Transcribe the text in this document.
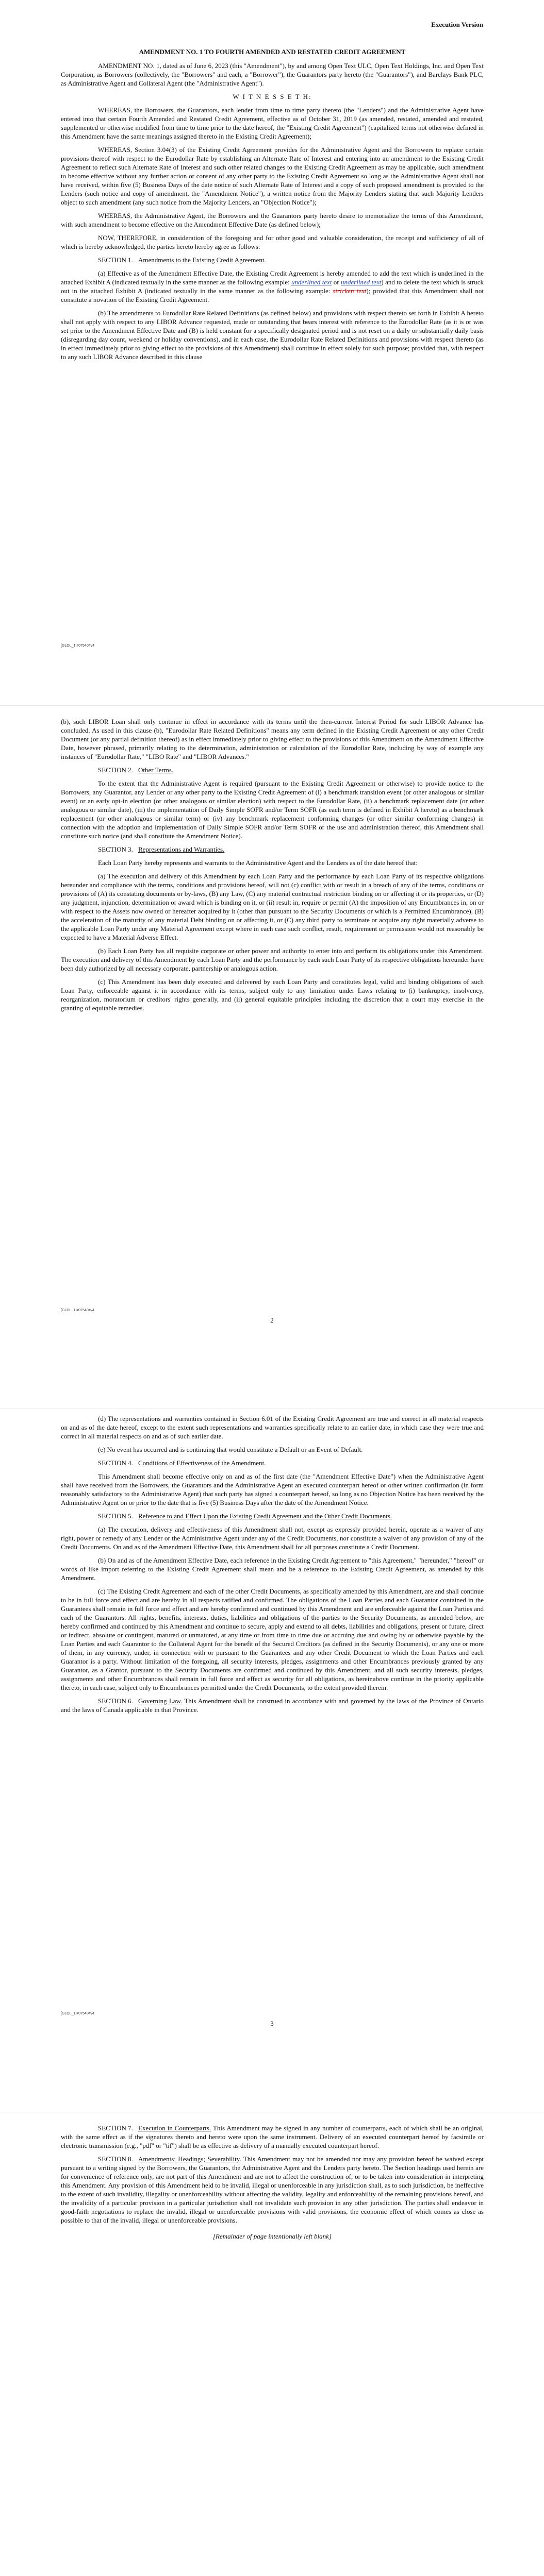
Execution Version

AMENDMENT NO. 1 TO FOURTH AMENDED AND RESTATED CREDIT AGREEMENT

AMENDMENT NO. 1, dated as of June 6, 2023 (this "Amendment"), by and among Open Text ULC, Open Text Holdings, Inc. and Open Text Corporation, as Borrowers (collectively, the "Borrowers" and each, a "Borrower"), the Guarantors party hereto (the "Guarantors"), and Barclays Bank PLC, as Administrative Agent and Collateral Agent (the "Administrative Agent").

W I T N E S S E T H:

WHEREAS, the Borrowers, the Guarantors, each lender from time to time party thereto (the "Lenders") and the Administrative Agent have entered into that certain Fourth Amended and Restated Credit Agreement, effective as of October 31, 2019 (as amended, restated, amended and restated, supplemented or otherwise modified from time to time prior to the date hereof, the "Existing Credit Agreement") (capitalized terms not otherwise defined in this Amendment have the same meanings assigned thereto in the Existing Credit Agreement);

WHEREAS, Section 3.04(3) of the Existing Credit Agreement provides for the Administrative Agent and the Borrowers to replace certain provisions thereof with respect to the Eurodollar Rate by establishing an Alternate Rate of Interest and entering into an amendment to the Existing Credit Agreement to reflect such Alternate Rate of Interest and such other related changes to the Existing Credit Agreement as may be applicable, such amendment to become effective without any further action or consent of any other party to the Existing Credit Agreement so long as the Administrative Agent shall not have received, within five (5) Business Days of the date notice of such Alternate Rate of Interest and a copy of such proposed amendment is provided to the Lenders (such notice and copy of amendment, the "Amendment Notice"), a written notice from the Majority Lenders stating that such Majority Lenders object to such amendment (any such notice from the Majority Lenders, an "Objection Notice");

WHEREAS, the Administrative Agent, the Borrowers and the Guarantors party hereto desire to memorialize the terms of this Amendment, with such amendment to become effective on the Amendment Effective Date (as defined below);

NOW, THEREFORE, in consideration of the foregoing and for other good and valuable consideration, the receipt and sufficiency of all of which is hereby acknowledged, the parties hereto hereby agree as follows:

SECTION 1. Amendments to the Existing Credit Agreement.

(a) Effective as of the Amendment Effective Date, the Existing Credit Agreement is hereby amended to add the text which is underlined in the attached Exhibit A (indicated textually in the same manner as the following example: underlined text or underlined text) and to delete the text which is struck out in the attached Exhibit A (indicated textually in the same manner as the following example: stricken text); provided that this Amendment shall not constitute a novation of the Existing Credit Agreement.

(b) The amendments to Eurodollar Rate Related Definitions (as defined below) and provisions with respect thereto set forth in Exhibit A hereto shall not apply with respect to any LIBOR Advance requested, made or outstanding that bears interest with reference to the Eurodollar Rate (as it is or was set prior to the Amendment Effective Date and (B) is held constant for a specifically designated period and is not reset on a daily or substantially daily basis (disregarding day count, weekend or holiday conventions), and in each case, the Eurodollar Rate Related Definitions and provisions with respect thereto (as in effect immediately prior to giving effect to the provisions of this Amendment) shall continue in effect solely for such purpose; provided that, with respect to any such LIBOR Advance described in this clause

[GLOL_1.#07540#v4

(b), such LIBOR Loan shall only continue in effect in accordance with its terms until the then-current Interest Period for such LIBOR Advance has concluded. As used in this clause (b), "Eurodollar Rate Related Definitions" means any term defined in the Existing Credit Agreement or any other Credit Document (or any partial definition thereof) as in effect immediately prior to giving effect to the provisions of this Amendment on the Amendment Effective Date, however phrased, primarily relating to the determination, administration or calculation of the Eurodollar Rate, including by way of example any instances of "Eurodollar Rate," "LIBO Rate" and "LIBOR Advances."

SECTION 2. Other Terms.

To the extent that the Administrative Agent is required (pursuant to the Existing Credit Agreement or otherwise) to provide notice to the Borrowers, any Guarantor, any Lender or any other party to the Existing Credit Agreement of (i) a benchmark transition event (or other analogous or similar event) or an early opt-in election (or other analogous or similar election) with respect to the Eurodollar Rate, (ii) a benchmark replacement date (or other analogous or similar date), (iii) the implementation of Daily Simple SOFR and/or Term SOFR (as each term is defined in Exhibit A hereto) as a benchmark replacement (or other analogous or similar term) or (iv) any benchmark replacement conforming changes (or other similar conforming changes) in connection with the adoption and implementation of Daily Simple SOFR and/or Term SOFR or the use and administration thereof, this Amendment shall constitute such notice (and shall constitute the Amendment Notice).

SECTION 3. Representations and Warranties.

Each Loan Party hereby represents and warrants to the Administrative Agent and the Lenders as of the date hereof that:

(a) The execution and delivery of this Amendment by each Loan Party and the performance by each Loan Party of its respective obligations hereunder and compliance with the terms, conditions and provisions hereof, will not (c) conflict with or result in a breach of any of the terms, conditions or provisions of (A) its constating documents or by-laws, (B) any Law, (C) any material contractual restriction binding on or affecting it or its properties, or (D) any judgment, injunction, determination or award which is binding on it, or (ii) result in, require or permit (A) the imposition of any Encumbrances in, on or with respect to the Assets now owned or hereafter acquired by it (other than pursuant to the Security Documents or which is a Permitted Encumbrance), (B) the acceleration of the maturity of any material Debt binding on or affecting it, or (C) any third party to terminate or acquire any right materially adverse to the applicable Loan Party under any Material Agreement except where in each case such conflict, result, requirement or permission would not reasonably be expected to have a Material Adverse Effect.

(b) Each Loan Party has all requisite corporate or other power and authority to enter into and perform its obligations under this Amendment. The execution and delivery of this Amendment by each Loan Party and the performance by each such Loan Party of its respective obligations hereunder have been duly authorized by all necessary corporate, partnership or analogous action.

(c) This Amendment has been duly executed and delivered by each Loan Party and constitutes legal, valid and binding obligations of such Loan Party, enforceable against it in accordance with its terms, subject only to any limitation under Laws relating to (i) bankruptcy, insolvency, reorganization, moratorium or creditors' rights generally, and (ii) general equitable principles including the discretion that a court may exercise in the granting of equitable remedies.

[GLOL_1.#07540#v4
2

(d) The representations and warranties contained in Section 6.01 of the Existing Credit Agreement are true and correct in all material respects on and as of the date hereof, except to the extent such representations and warranties specifically relate to an earlier date, in which case they were true and correct in all material respects on and as of such earlier date.

(e) No event has occurred and is continuing that would constitute a Default or an Event of Default.

SECTION 4. Conditions of Effectiveness of the Amendment.

This Amendment shall become effective only on and as of the first date (the "Amendment Effective Date") when the Administrative Agent shall have received from the Borrowers, the Guarantors and the Administrative Agent an executed counterpart hereof or other written confirmation (in form reasonably satisfactory to the Administrative Agent) that such party has signed a counterpart hereof, so long as no Objection Notice has been received by the Administrative Agent on or prior to the date that is five (5) Business Days after the date of the Amendment Notice.

SECTION 5. Reference to and Effect Upon the Existing Credit Agreement and the Other Credit Documents.

(a) The execution, delivery and effectiveness of this Amendment shall not, except as expressly provided herein, operate as a waiver of any right, power or remedy of any Lender or the Administrative Agent under any of the Credit Documents, nor constitute a waiver of any provision of any of the Credit Documents. On and as of the Amendment Effective Date, this Amendment shall for all purposes constitute a Credit Document.

(b) On and as of the Amendment Effective Date, each reference in the Existing Credit Agreement to "this Agreement," "hereunder," "hereof" or words of like import referring to the Existing Credit Agreement shall mean and be a reference to the Existing Credit Agreement, as amended by this Amendment.

(c) The Existing Credit Agreement and each of the other Credit Documents, as specifically amended by this Amendment, are and shall continue to be in full force and effect and are hereby in all respects ratified and confirmed. The obligations of the Loan Parties and each Guarantor contained in the Guarantees shall remain in full force and effect and are hereby confirmed and continued by this Amendment and are enforceable against the Loan Parties and each of the Guarantors. All rights, benefits, interests, duties, liabilities and obligations of the parties to the Security Documents, as amended below, are hereby confirmed and continued by this Amendment and continue to secure, apply and extend to all debts, liabilities and obligations, present or future, direct or indirect, absolute or contingent, matured or unmatured, at any time or from time to time due or accruing due and owing by or otherwise payable by the Loan Parties and each Guarantor to the Collateral Agent for the benefit of the Secured Creditors (as defined in the Security Documents), or any one or more of them, in any currency, under, in connection with or pursuant to the Guarantees and any other Credit Document to which the Loan Parties and each Guarantor is a party. Without limitation of the foregoing, all security interests, pledges, assignments and other Encumbrances previously granted by any Guarantor, as a Grantor, pursuant to the Security Documents are confirmed and continued by this Amendment, and all such security interests, pledges, assignments and other Encumbrances shall remain in full force and effect as security for all obligations, as hereinabove continue in the priority applicable thereto, in each case, subject only to Encumbrances permitted under the Credit Documents, to the extent provided therein.

SECTION 6. Governing Law. This Amendment shall be construed in accordance with and governed by the laws of the Province of Ontario and the laws of Canada applicable in that Province.

[GLOL_1.#07540#v4
3

SECTION 7. Execution in Counterparts. This Amendment may be signed in any number of counterparts, each of which shall be an original, with the same effect as if the signatures thereto and hereto were upon the same instrument. Delivery of an executed counterpart hereof by facsimile or electronic transmission (e.g., "pdf" or "tif") shall be as effective as delivery of a manually executed counterpart hereof.

SECTION 8. Amendments; Headings; Severability. This Amendment may not be amended nor may any provision hereof be waived except pursuant to a writing signed by the Borrowers, the Guarantors, the Administrative Agent and the Lenders party hereto. The Section headings used herein are for convenience of reference only, are not part of this Amendment and are not to affect the construction of, or to be taken into consideration in interpreting this Amendment. Any provision of this Amendment held to be invalid, illegal or unenforceable in any jurisdiction shall, as to such jurisdiction, be ineffective to the extent of such invalidity, illegality or unenforceability without affecting the validity, legality and enforceability of the remaining provisions hereof, and the invalidity of a particular provision in a particular jurisdiction shall not invalidate such provision in any other jurisdiction. The parties shall endeavor in good-faith negotiations to replace the invalid, illegal or unenforceable provisions with valid provisions, the economic effect of which comes as close as possible to that of the invalid, illegal or unenforceable provisions.

[Remainder of page intentionally left blank]
